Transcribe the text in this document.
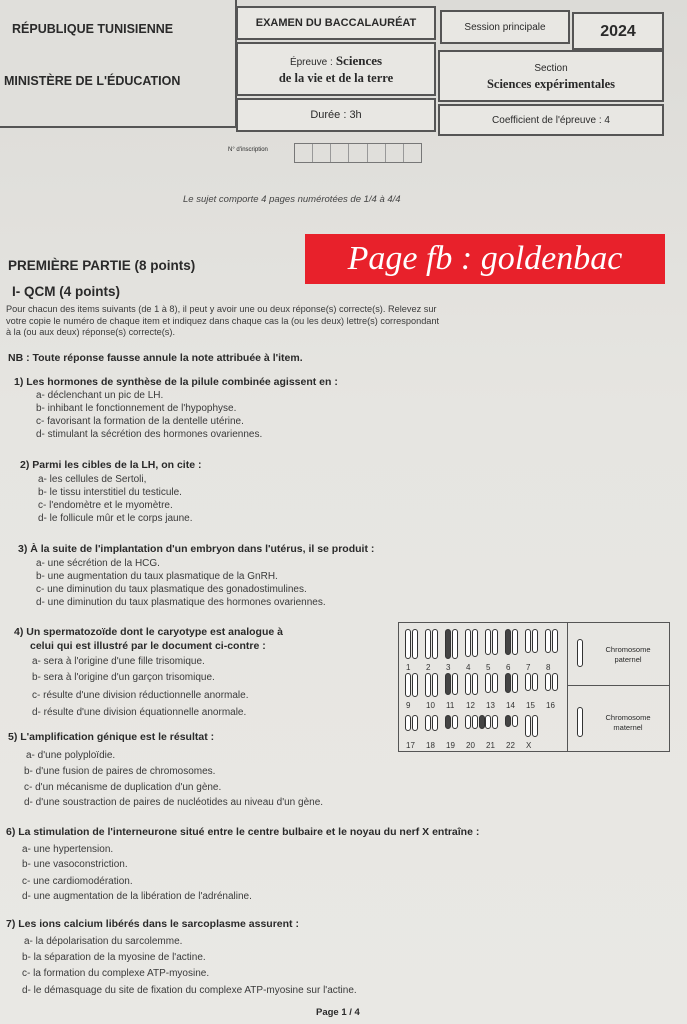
RÉPUBLIQUE TUNISIENNE
MINISTÈRE DE L'ÉDUCATION
EXAMEN DU BACCALAURÉAT	Session principale	2024
Épreuve : Sciences
de la vie et de la terre
Section
Sciences expérimentales
Durée : 3h	Coefficient de l'épreuve : 4
N° d'inscription
Le sujet comporte 4 pages numérotées de 1/4 à 4/4
Page fb : goldenbac
PREMIÈRE PARTIE (8 points)
I- QCM (4 points)
Pour chacun des items suivants (de 1 à 8), il peut y avoir une ou deux réponse(s) correcte(s). Relevez sur
votre copie le numéro de chaque item et indiquez dans chaque cas la (ou les deux) lettre(s) correspondant
à la (ou aux deux) réponse(s) correcte(s).
NB : Toute réponse fausse annule la note attribuée à l'item.
1) Les hormones de synthèse de la pilule combinée agissent en :
a- déclenchant un pic de LH.
b- inhibant le fonctionnement de l'hypophyse.
c- favorisant la formation de la dentelle utérine.
d- stimulant la sécrétion des hormones ovariennes.
2) Parmi les cibles de la LH, on cite :
a- les cellules de Sertoli,
b- le tissu interstitiel du testicule.
c- l'endomètre et le myomètre.
d- le follicule mûr et le corps jaune.
3) À la suite de l'implantation d'un embryon dans l'utérus, il se produit :
a- une sécrétion de la HCG.
b- une augmentation du taux plasmatique de la GnRH.
c- une diminution du taux plasmatique des gonadostimulines.
d- une diminution du taux plasmatique des hormones ovariennes.
4) Un spermatozoïde dont le caryotype est analogue à
celui qui est illustré par le document ci-contre :
a- sera à l'origine d'une fille trisomique.
b- sera à l'origine d'un garçon trisomique.
c- résulte d'une division réductionnelle anormale.
d- résulte d'une division équationnelle anormale.
1 2 3 4 5 6 7 8
9 10 11 12 13 14 15 16
17 18 19 20 21 22 X
Chromosome paternel
Chromosome maternel
5) L'amplification génique est le résultat :
a- d'une polyploïdie.
b- d'une fusion de paires de chromosomes.
c- d'un mécanisme de duplication d'un gène.
d- d'une soustraction de paires de nucléotides au niveau d'un gène.
6) La stimulation de l'interneurone situé entre le centre bulbaire et le noyau du nerf X entraîne :
a- une hypertension.
b- une vasoconstriction.
c- une cardiomodération.
d- une augmentation de la libération de l'adrénaline.
7) Les ions calcium libérés dans le sarcoplasme assurent :
a- la dépolarisation du sarcolemme.
b- la séparation de la myosine de l'actine.
c- la formation du complexe ATP-myosine.
d- le démasquage du site de fixation du complexe ATP-myosine sur l'actine.
Page 1 / 4
